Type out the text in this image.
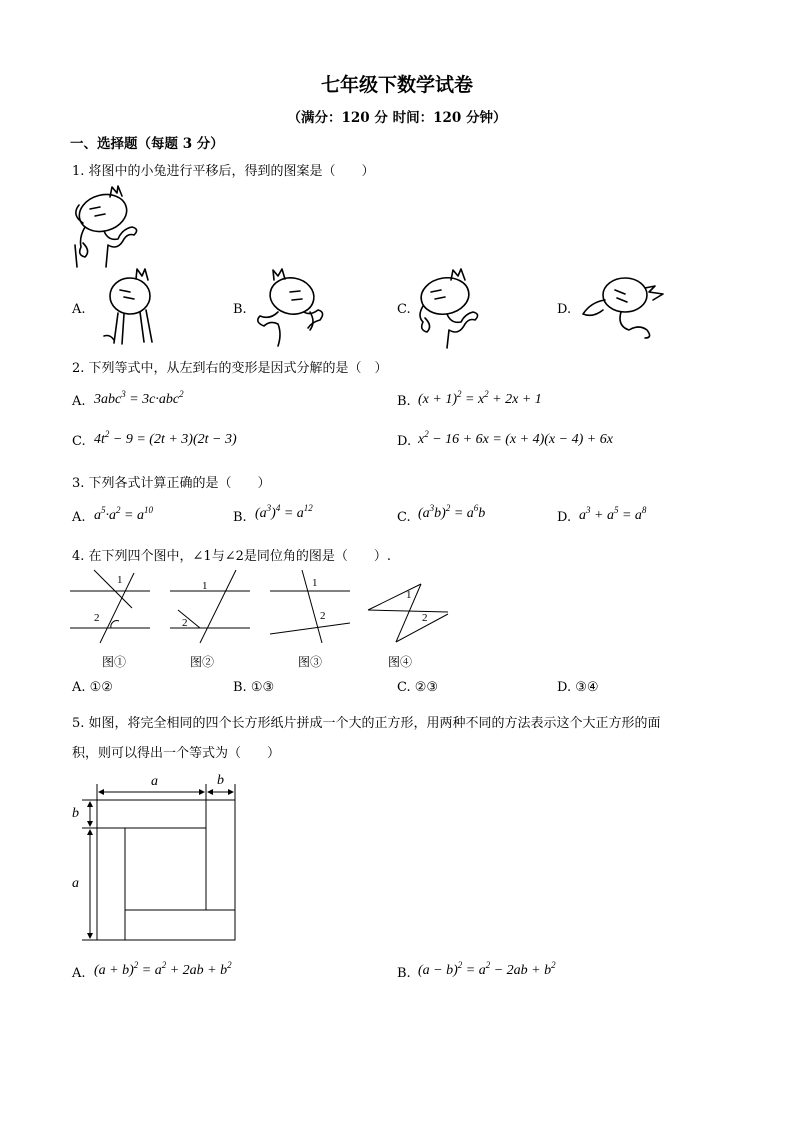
七年级下数学试卷
（满分：120 分 时间：120 分钟）
一、选择题（每题 3 分）
1. 将图中的小兔进行平移后，得到的图案是（　　）
A.	B.	C.	D.
2. 下列等式中，从左到右的变形是因式分解的是（　）
A. 3abc$^3$ = 3c·abc$^2$	B. $(x + 1)^2 = x^2 + 2x + 1$
C. $4t^2 - 9 = (2t + 3)(2t - 3)$	D. $x^2 - 16 + 6x = (x + 4)(x - 4) + 6x$
3. 下列各式计算正确的是（　　）
A. $a^5\cdot a^2 = a^{10}$	B. $(a^3)^4 = a^{12}$
C. $(a^3b)^2 = a^6b$	D. $a^3 + a^5 = a^8$
4. 在下列四个图中，∠1与∠2是同位角的图是（　　）.
1
2
1
2
1
2
1
2
图①	图②	图③	图④
A. ①②	B. ①③	C. ②③	D. ③④
5. 如图，将完全相同的四个长方形纸片拼成一个大的正方形，用两种不同的方法表示这个大正方形的面
积，则可以得出一个等式为（　　）
a	b
b
a
A. $(a + b)^2 = a^2 + 2ab + b^2$
B. $(a - b)^2 = a^2 - 2ab + b^2$
